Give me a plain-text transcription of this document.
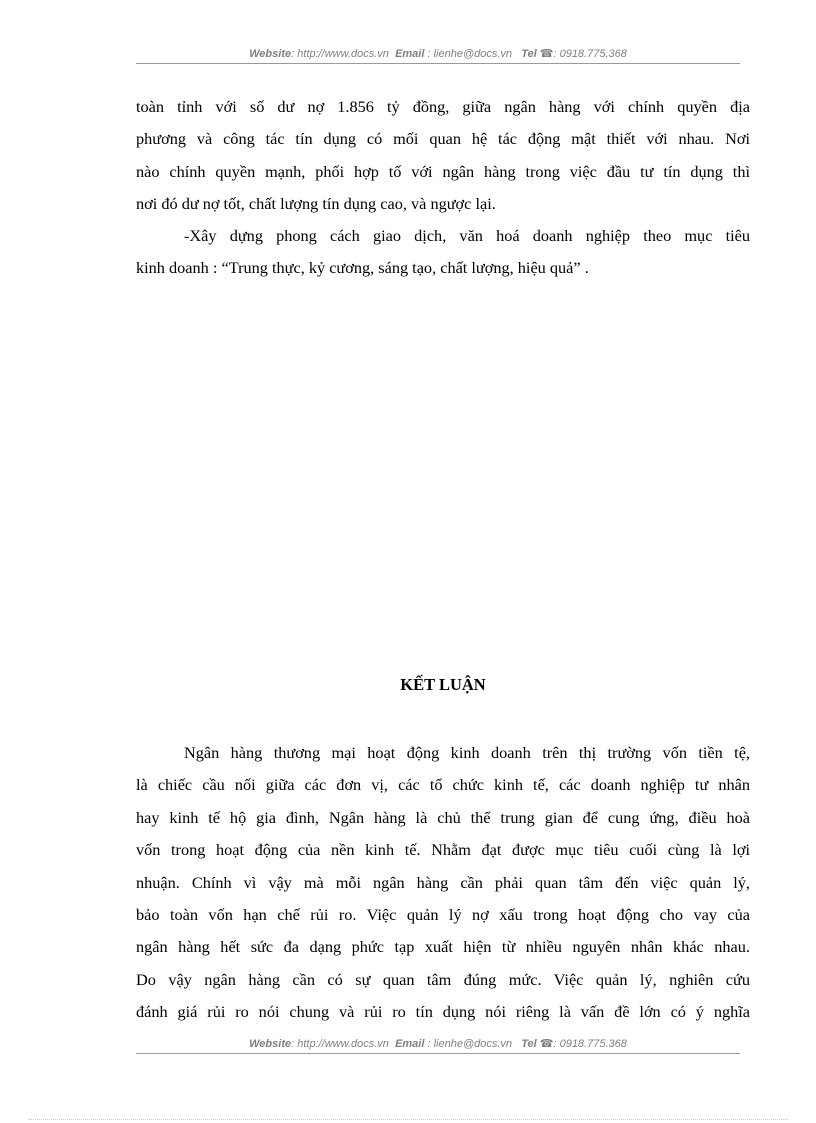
Website: http://www.docs.vn Email : lienhe@docs.vn Tel ☎: 0918.775.368
toàn tỉnh với số dư nợ 1.856 tỷ đồng, giữa ngân hàng với chính quyền địa
phương và công tác tín dụng có mối quan hệ tác động mật thiết với nhau. Nơi
nào chính quyền mạnh, phối hợp tố với ngân hàng trong việc đầu tư tín dụng thì
nơi đó dư nợ tốt, chất lượng tín dụng cao, và ngược lại.
-Xây dựng phong cách giao dịch, văn hoá doanh nghiệp theo mục tiêu
kinh doanh : “Trung thực, kỷ cương, sáng tạo, chất lượng, hiệu quả” .
KẾT LUẬN
Ngân hàng thương mại hoạt động kinh doanh trên thị trường vốn tiền tệ,
là chiếc cầu nối giữa các đơn vị, các tổ chức kinh tế, các doanh nghiệp tư nhân
hay kinh tế hộ gia đình, Ngân hàng là chủ thể trung gian để cung ứng, điều hoà
vốn trong hoạt động của nền kinh tế. Nhằm đạt được mục tiêu cuối cùng là lợi
nhuận. Chính vì vậy mà mỗi ngân hàng cần phải quan tâm đến việc quản lý,
bảo toàn vốn hạn chế rủi ro. Việc quản lý nợ xấu trong hoạt động cho vay của
ngân hàng hết sức đa dạng phức tạp xuất hiện từ nhiều nguyên nhân khác nhau.
Do vậy ngân hàng cần có sự quan tâm đúng mức. Việc quản lý, nghiên cứu
đánh giá rủi ro nói chung và rủi ro tín dụng nói riêng là vấn đề lớn có ý nghĩa
Website: http://www.docs.vn Email : lienhe@docs.vn Tel ☎: 0918.775.368
